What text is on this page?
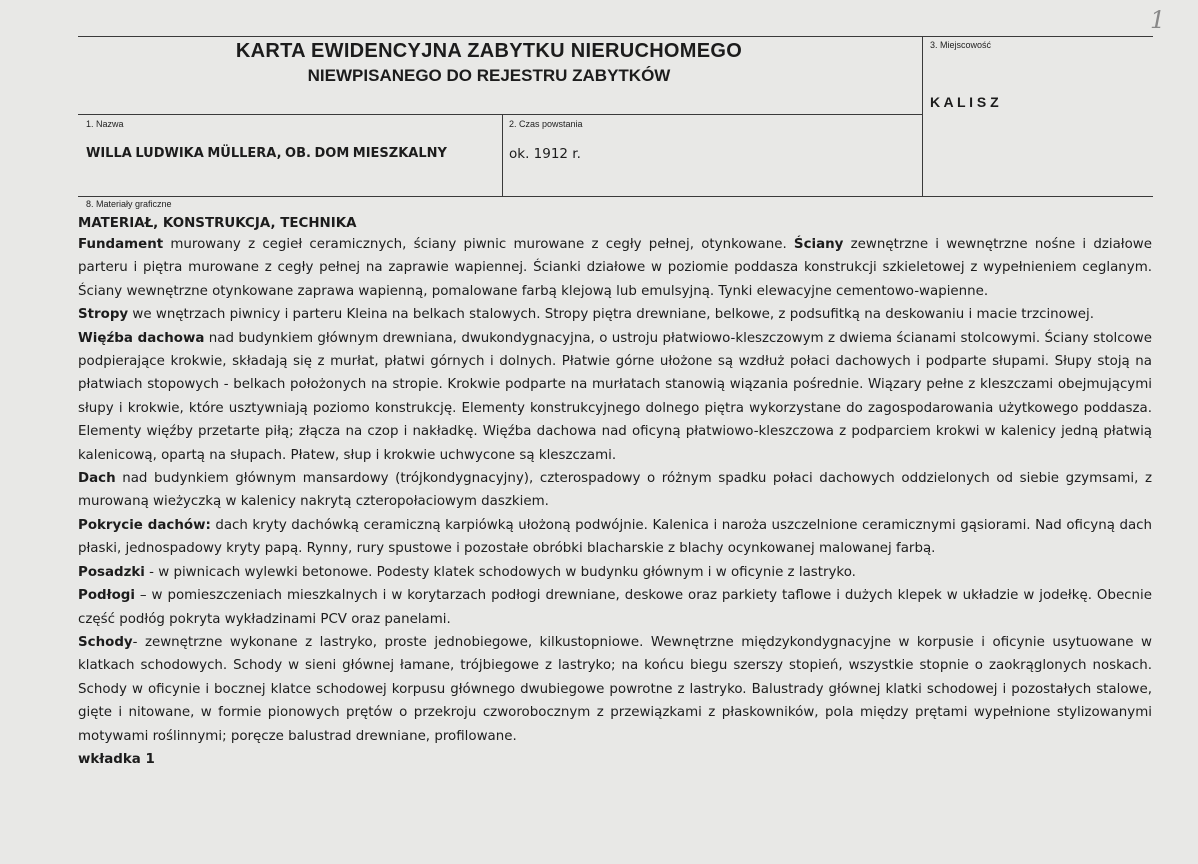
1
KARTA EWIDENCYJNA ZABYTKU NIERUCHOMEGO
NIEWPISANEGO DO REJESTRU ZABYTKÓW
3. Miejscowość
K A L I S Z
1. Nazwa
WILLA LUDWIKA MÜLLERA, OB. DOM MIESZKALNY
2. Czas powstania
ok. 1912 r.
8. Materiały graficzne
MATERIAŁ, KONSTRUKCJA, TECHNIKA

Fundament murowany z cegieł ceramicznych, ściany piwnic murowane z cegły pełnej, otynkowane. Ściany zewnętrzne i wewnętrzne nośne i działowe parteru i piętra murowane z cegły pełnej na zaprawie wapiennej. Ścianki działowe w poziomie poddasza konstrukcji szkieletowej z wypełnieniem ceglanym. Ściany wewnętrzne otynkowane zaprawa wapienną, pomalowane farbą klejową lub emulsyjną. Tynki elewacyjne cementowo-wapienne.

Stropy we wnętrzach piwnicy i parteru Kleina na belkach stalowych. Stropy piętra drewniane, belkowe, z podsufitką na deskowaniu i macie trzcinowej.

Więźba dachowa nad budynkiem głównym drewniana, dwukondygnacyjna, o ustroju płatwiowo-kleszczowym z dwiema ścianami stolcowymi. Ściany stolcowe podpierające krokwie, składają się z murłat, płatwi górnych i dolnych. Płatwie górne ułożone są wzdłuż połaci dachowych i podparte słupami. Słupy stoją na płatwiach stopowych - belkach położonych na stropie. Krokwie podparte na murłatach stanowią wiązania pośrednie. Wiązary pełne z kleszczami obejmującymi słupy i krokwie, które usztywniają poziomo konstrukcję. Elementy konstrukcyjnego dolnego piętra wykorzystane do zagospodarowania użytkowego poddasza. Elementy więźby przetarte piłą; złącza na czop i nakładkę. Więźba dachowa nad oficyną płatwiowo-kleszczowa z podparciem krokwi w kalenicy jedną płatwią kalenicową, opartą na słupach. Płatew, słup i krokwie uchwycone są kleszczami.

Dach nad budynkiem głównym mansardowy (trójkondygnacyjny), czterospadowy o różnym spadku połaci dachowych oddzielonych od siebie gzymsami, z murowaną wieżyczką w kalenicy nakrytą czteropołaciowym daszkiem.

Pokrycie dachów: dach kryty dachówką ceramiczną karpiówką ułożoną podwójnie. Kalenica i naroża uszczelnione ceramicznymi gąsiorami. Nad oficyną dach płaski, jednospadowy kryty papą. Rynny, rury spustowe i pozostałe obróbki blacharskie z blachy ocynkowanej malowanej farbą.

Posadzki - w piwnicach wylewki betonowe. Podesty klatek schodowych w budynku głównym i w oficynie z lastryko.

Podłogi – w pomieszczeniach mieszkalnych i w korytarzach podłogi drewniane, deskowe oraz parkiety taflowe i dużych klepek w układzie w jodełkę. Obecnie część podłóg pokryta wykładzinami PCV oraz panelami.

Schody- zewnętrzne wykonane z lastryko, proste jednobiegowe, kilkustopniowe. Wewnętrzne międzykondygnacyjne w korpusie i oficynie usytuowane w klatkach schodowych. Schody w sieni głównej łamane, trójbiegowe z lastryko; na końcu biegu szerszy stopień, wszystkie stopnie o zaokrąglonych noskach. Schody w oficynie i bocznej klatce schodowej korpusu głównego dwubiegowe powrotne z lastryko. Balustrady głównej klatki schodowej i pozostałych stalowe, gięte i nitowane, w formie pionowych prętów o przekroju czworobocznym z przewiązkami z płaskowników, pola między prętami wypełnione stylizowanymi motywami roślinnymi; poręcze balustrad drewniane, profilowane.

wkładka 1
